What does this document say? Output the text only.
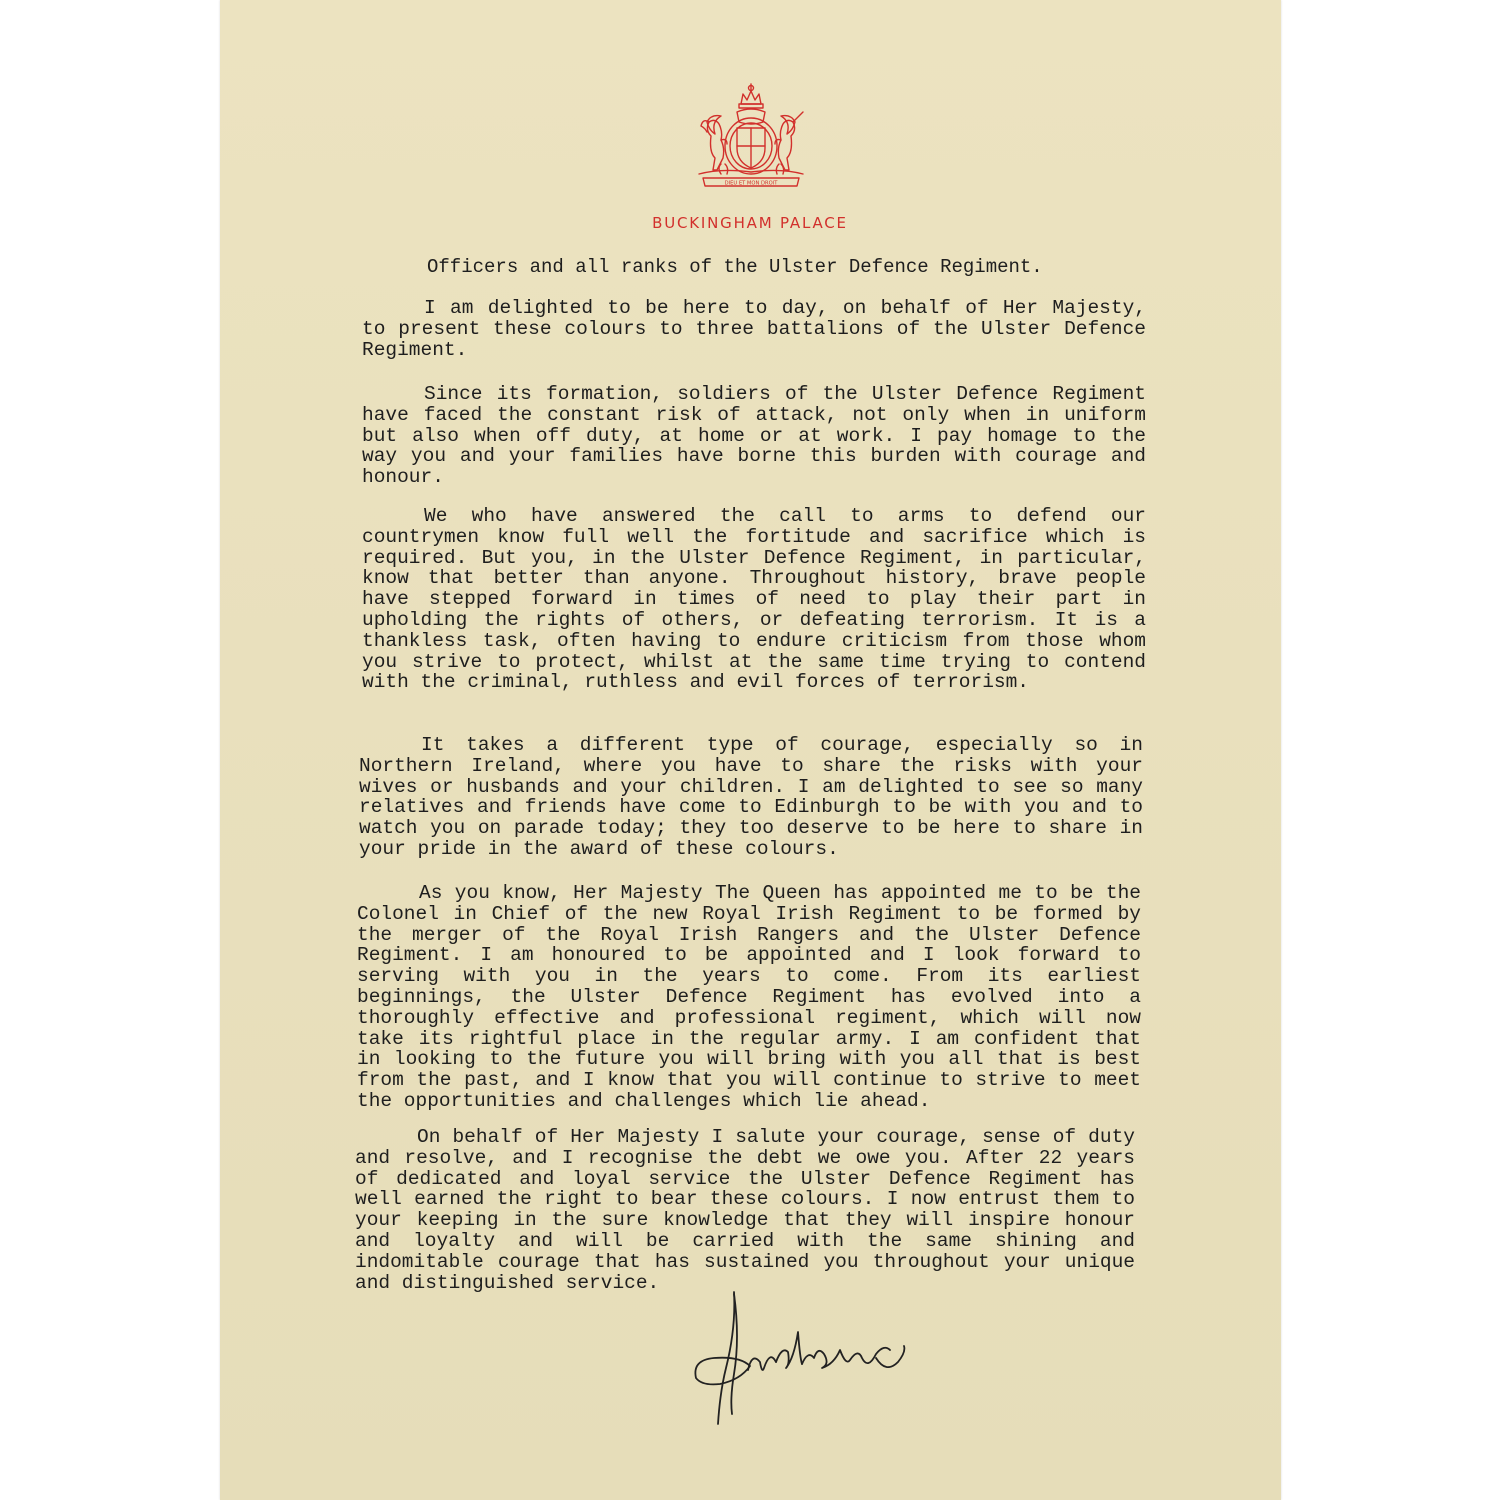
DIEU ET MON DROIT
BUCKINGHAM PALACE
Officers and all ranks of the Ulster Defence Regiment.

I am delighted to be here to day, on behalf of Her Majesty, to present these colours to three battalions of the Ulster Defence Regiment.

Since its formation, soldiers of the Ulster Defence Regiment have faced the constant risk of attack, not only when in uniform but also when off duty, at home or at work. I pay homage to the way you and your families have borne this burden with courage and honour.

We who have answered the call to arms to defend our countrymen know full well the fortitude and sacrifice which is required. But you, in the Ulster Defence Regiment, in particular, know that better than anyone. Throughout history, brave people have stepped forward in times of need to play their part in upholding the rights of others, or defeating terrorism. It is a thankless task, often having to endure criticism from those whom you strive to protect, whilst at the same time trying to contend with the criminal, ruthless and evil forces of terrorism.

It takes a different type of courage, especially so in Northern Ireland, where you have to share the risks with your wives or husbands and your children. I am delighted to see so many relatives and friends have come to Edinburgh to be with you and to watch you on parade today; they too deserve to be here to share in your pride in the award of these colours.

As you know, Her Majesty The Queen has appointed me to be the Colonel in Chief of the new Royal Irish Regiment to be formed by the merger of the Royal Irish Rangers and the Ulster Defence Regiment. I am honoured to be appointed and I look forward to serving with you in the years to come. From its earliest beginnings, the Ulster Defence Regiment has evolved into a thoroughly effective and professional regiment, which will now take its rightful place in the regular army. I am confident that in looking to the future you will bring with you all that is best from the past, and I know that you will continue to strive to meet the opportunities and challenges which lie ahead.

On behalf of Her Majesty I salute your courage, sense of duty and resolve, and I recognise the debt we owe you. After 22 years of dedicated and loyal service the Ulster Defence Regiment has well earned the right to bear these colours. I now entrust them to your keeping in the sure knowledge that they will inspire honour and loyalty and will be carried with the same shining and indomitable courage that has sustained you throughout your unique and distinguished service.
